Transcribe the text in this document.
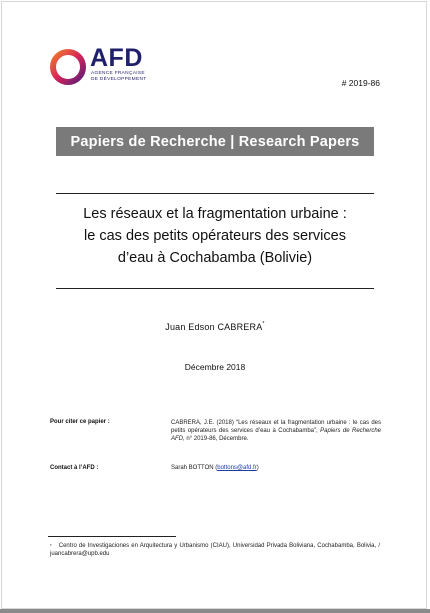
AFD
AGENCE FRANÇAISE
DE DÉVELOPPEMENT	# 2019-86
Papiers de Recherche | Research Papers
Les réseaux et la fragmentation urbaine :
le cas des petits opérateurs des services
d’eau à Cochabamba (Bolivie)
Juan Edson CABRERA*
Décembre 2018
Pour citer ce papier :	CABRERA, J.E. (2018) “Les réseaux et la fragmentation urbaine : le cas des petits opérateurs des services d’eau à Cochabamba”, Papiers de Recherche AFD, n° 2019-86, Décembre.
Contact à l’AFD :	Sarah BOTTON (bottons@afd.fr)
* Centro de Investigaciones en Arquitectura y Urbanismo (CIAU), Universidad Privada Boliviana, Cochabamba, Bolivia, / juancabrera@upb.edu
